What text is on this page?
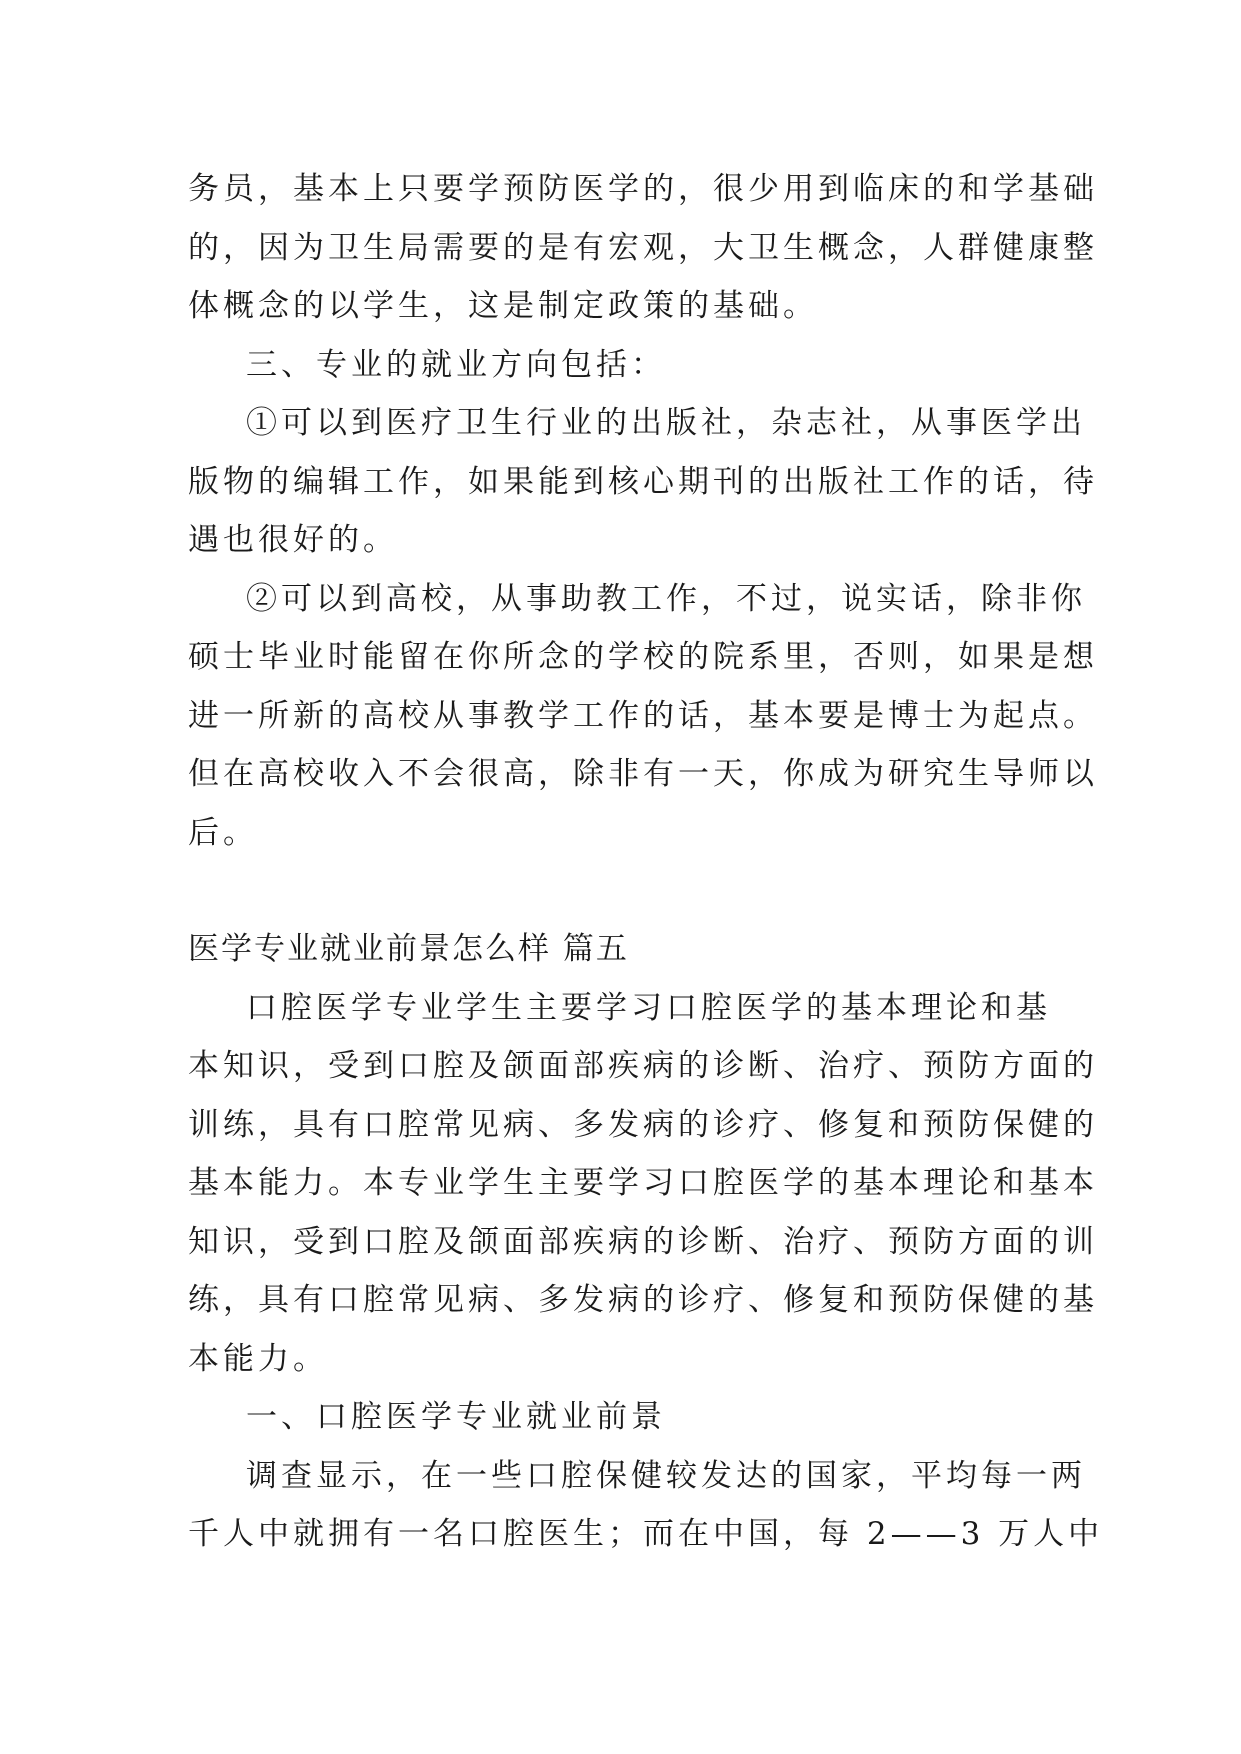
务员，基本上只要学预防医学的，很少用到临床的和学基础
的，因为卫生局需要的是有宏观，大卫生概念，人群健康整
体概念的以学生，这是制定政策的基础。

三、专业的就业方向包括：

①可以到医疗卫生行业的出版社，杂志社，从事医学出
版物的编辑工作，如果能到核心期刊的出版社工作的话，待
遇也很好的。

②可以到高校，从事助教工作，不过，说实话，除非你
硕士毕业时能留在你所念的学校的院系里，否则，如果是想
进一所新的高校从事教学工作的话，基本要是博士为起点。
但在高校收入不会很高，除非有一天，你成为研究生导师以
后。

医学专业就业前景怎么样 篇五

口腔医学专业学生主要学习口腔医学的基本理论和基
本知识，受到口腔及颌面部疾病的诊断、治疗、预防方面的
训练，具有口腔常见病、多发病的诊疗、修复和预防保健的
基本能力。本专业学生主要学习口腔医学的基本理论和基本
知识，受到口腔及颌面部疾病的诊断、治疗、预防方面的训
练，具有口腔常见病、多发病的诊疗、修复和预防保健的基
本能力。

一、口腔医学专业就业前景

调查显示，在一些口腔保健较发达的国家，平均每一两
千人中就拥有一名口腔医生；而在中国，每 2——3 万人中
